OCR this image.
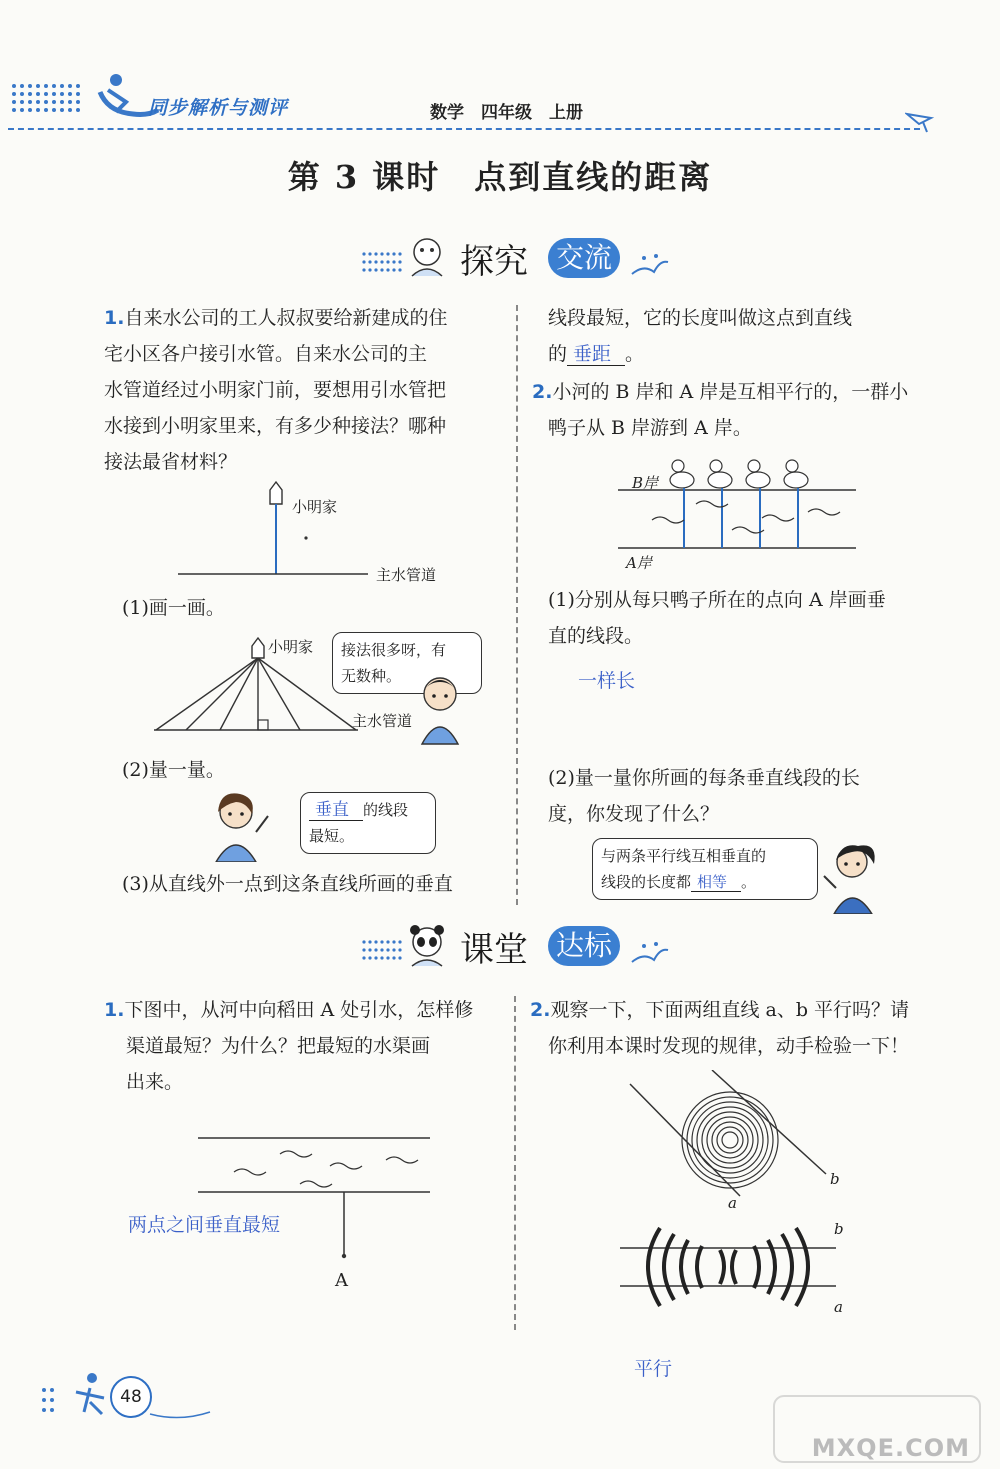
同步解析与测评	数学　四年级　上册
第 3 课时　点到直线的距离
探究 交流
1.自来水公司的工人叔叔要给新建成的住
宅小区各户接引水管。自来水公司的主
水管道经过小明家门前，要想用引水管把
水接到小明家里来，有多少种接法？哪种
接法最省材料？
小明家
主水管道
(1)画一画。
小明家
主水管道
接法很多呀，有
无数种。
(2)量一量。
垂直 的线段
最短。
(3)从直线外一点到这条直线所画的垂直
线段最短，它的长度叫做这点到直线
的 垂距 。
2.小河的 B 岸和 A 岸是互相平行的，一群小
鸭子从 B 岸游到 A 岸。
B岸
A岸
(1)分别从每只鸭子所在的点向 A 岸画垂
直的线段。
一样长
(2)量一量你所画的每条垂直线段的长
度，你发现了什么？
与两条平行线互相垂直的
线段的长度都 相等 。
课堂 达标
1.下图中，从河中向稻田 A 处引水，怎样修
渠道最短？为什么？把最短的水渠画
出来。
两点之间垂直最短
A
2.观察一下，下面两组直线 a、b 平行吗？请
你利用本课时发现的规律，动手检验一下！
a
b
b
a
平行
48
MXQE.COM
